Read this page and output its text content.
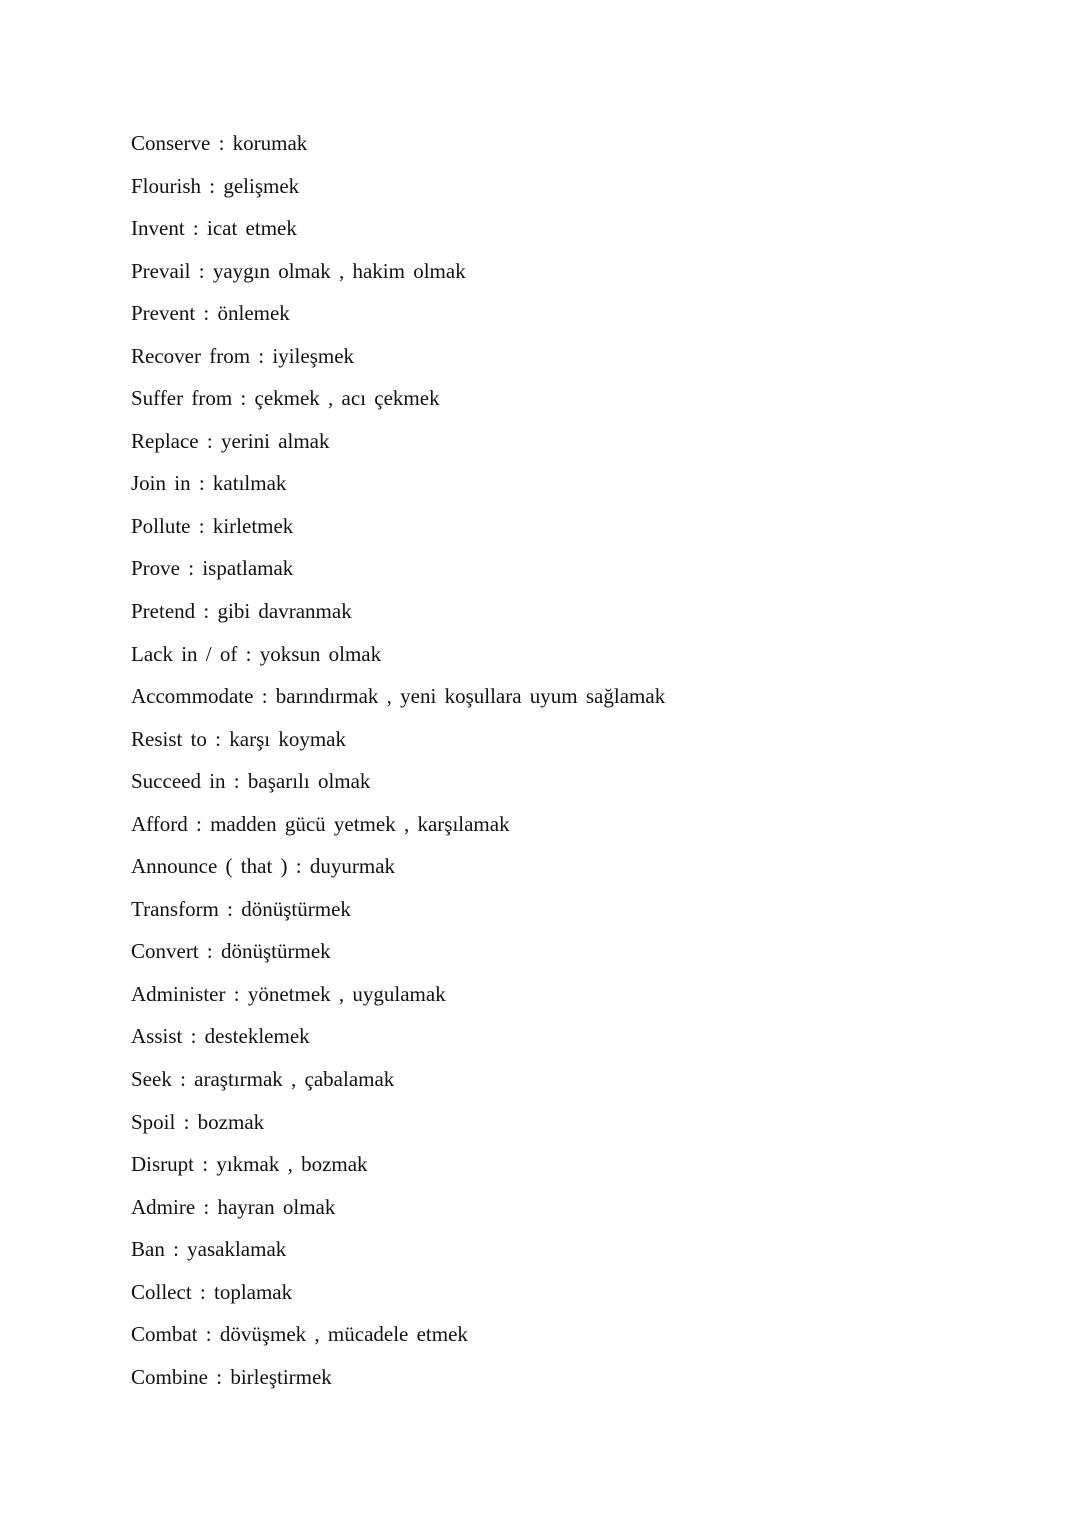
Conserve : korumak
Flourish : gelişmek
Invent : icat etmek
Prevail : yaygın olmak , hakim olmak
Prevent : önlemek
Recover from : iyileşmek
Suffer from : çekmek , acı çekmek
Replace : yerini almak
Join in : katılmak
Pollute : kirletmek
Prove : ispatlamak
Pretend : gibi davranmak
Lack in / of : yoksun olmak
Accommodate : barındırmak , yeni koşullara uyum sağlamak
Resist to : karşı koymak
Succeed in : başarılı olmak
Afford : madden gücü yetmek , karşılamak
Announce ( that ) : duyurmak
Transform : dönüştürmek
Convert : dönüştürmek
Administer : yönetmek , uygulamak
Assist : desteklemek
Seek : araştırmak , çabalamak
Spoil : bozmak
Disrupt : yıkmak , bozmak
Admire : hayran olmak
Ban : yasaklamak
Collect : toplamak
Combat : dövüşmek , mücadele etmek
Combine : birleştirmek
